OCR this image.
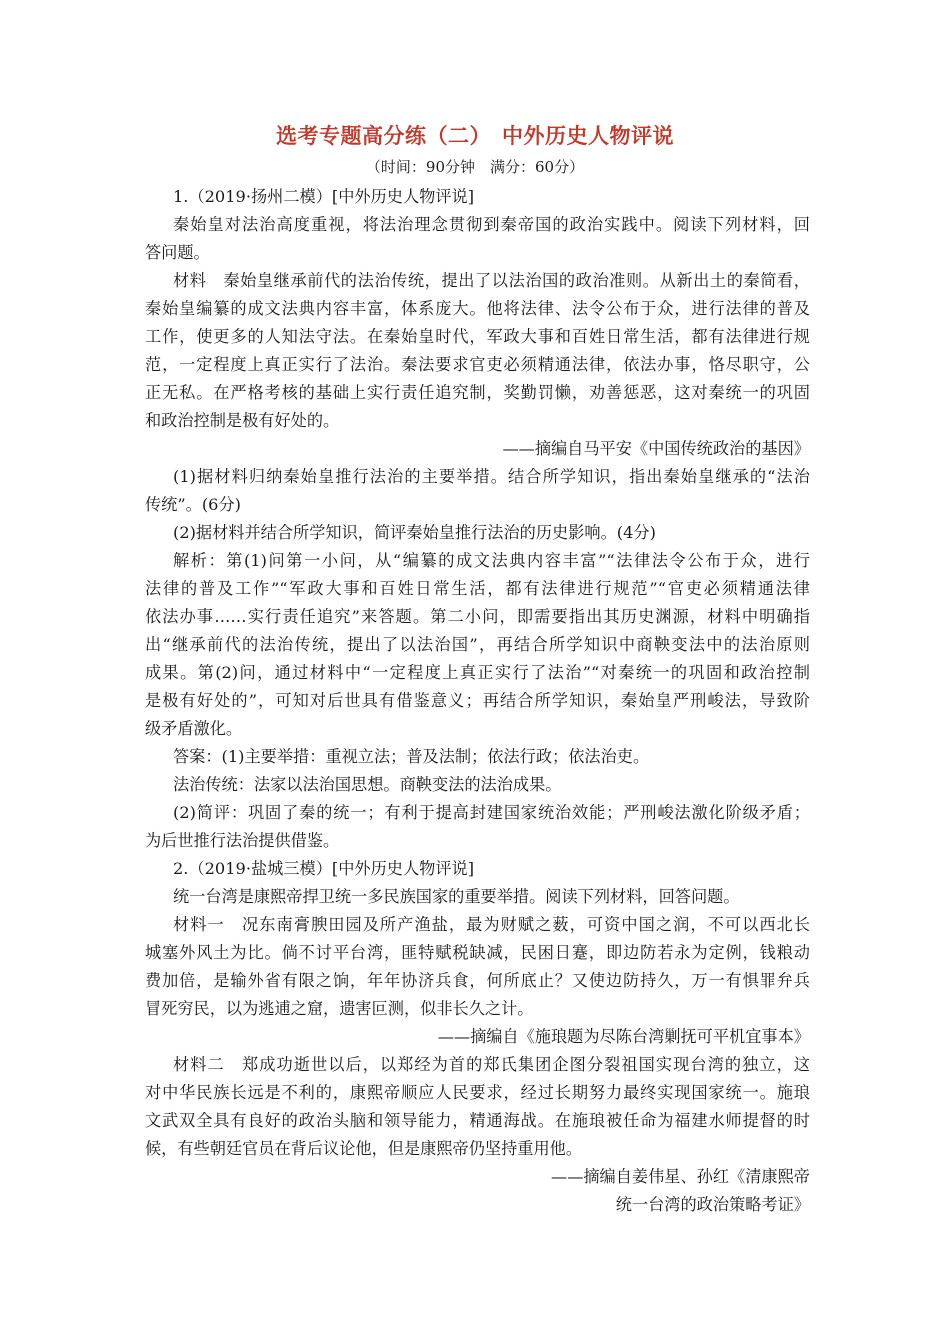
选考专题高分练（二）　中外历史人物评说
（时间：90分钟　满分：60分）
1.（2019·扬州二模）[中外历史人物评说]
秦始皇对法治高度重视，将法治理念贯彻到秦帝国的政治实践中。阅读下列材料，回
答问题。
材料　秦始皇继承前代的法治传统，提出了以法治国的政治准则。从新出土的秦简看，
秦始皇编纂的成文法典内容丰富，体系庞大。他将法律、法令公布于众，进行法律的普及
工作，使更多的人知法守法。在秦始皇时代，军政大事和百姓日常生活，都有法律进行规
范，一定程度上真正实行了法治。秦法要求官吏必须精通法律，依法办事，恪尽职守，公
正无私。在严格考核的基础上实行责任追究制，奖勤罚懒，劝善惩恶，这对秦统一的巩固
和政治控制是极有好处的。
——摘编自马平安《中国传统政治的基因》
(1)据材料归纳秦始皇推行法治的主要举措。结合所学知识，指出秦始皇继承的“法治
传统”。(6分)
(2)据材料并结合所学知识，简评秦始皇推行法治的历史影响。(4分)
解析：第(1)问第一小问，从“编纂的成文法典内容丰富”“法律法令公布于众，进行
法律的普及工作”“军政大事和百姓日常生活，都有法律进行规范”“官吏必须精通法律
依法办事……实行责任追究”来答题。第二小问，即需要指出其历史渊源，材料中明确指
出“继承前代的法治传统，提出了以法治国”，再结合所学知识中商鞅变法中的法治原则
成果。第(2)问，通过材料中“一定程度上真正实行了法治”“对秦统一的巩固和政治控制
是极有好处的”，可知对后世具有借鉴意义；再结合所学知识，秦始皇严刑峻法，导致阶
级矛盾激化。
答案：(1)主要举措：重视立法；普及法制；依法行政；依法治吏。
法治传统：法家以法治国思想。商鞅变法的法治成果。
(2)简评：巩固了秦的统一；有利于提高封建国家统治效能；严刑峻法激化阶级矛盾；
为后世推行法治提供借鉴。
2.（2019·盐城三模）[中外历史人物评说]
统一台湾是康熙帝捍卫统一多民族国家的重要举措。阅读下列材料，回答问题。
材料一　况东南膏腴田园及所产渔盐，最为财赋之薮，可资中国之润，不可以西北长
城塞外风土为比。倘不讨平台湾，匪特赋税缺减，民困日蹇，即边防若永为定例，钱粮动
费加倍，是输外省有限之饷，年年协济兵食，何所底止？又使边防持久，万一有惧罪弁兵
冒死穷民，以为逃逋之窟，遗害叵测，似非长久之计。
——摘编自《施琅题为尽陈台湾剿抚可平机宜事本》
材料二　郑成功逝世以后，以郑经为首的郑氏集团企图分裂祖国实现台湾的独立，这
对中华民族长远是不利的，康熙帝顺应人民要求，经过长期努力最终实现国家统一。施琅
文武双全具有良好的政治头脑和领导能力，精通海战。在施琅被任命为福建水师提督的时
候，有些朝廷官员在背后议论他，但是康熙帝仍坚持重用他。
——摘编自姜伟星、孙红《清康熙帝
统一台湾的政治策略考证》
